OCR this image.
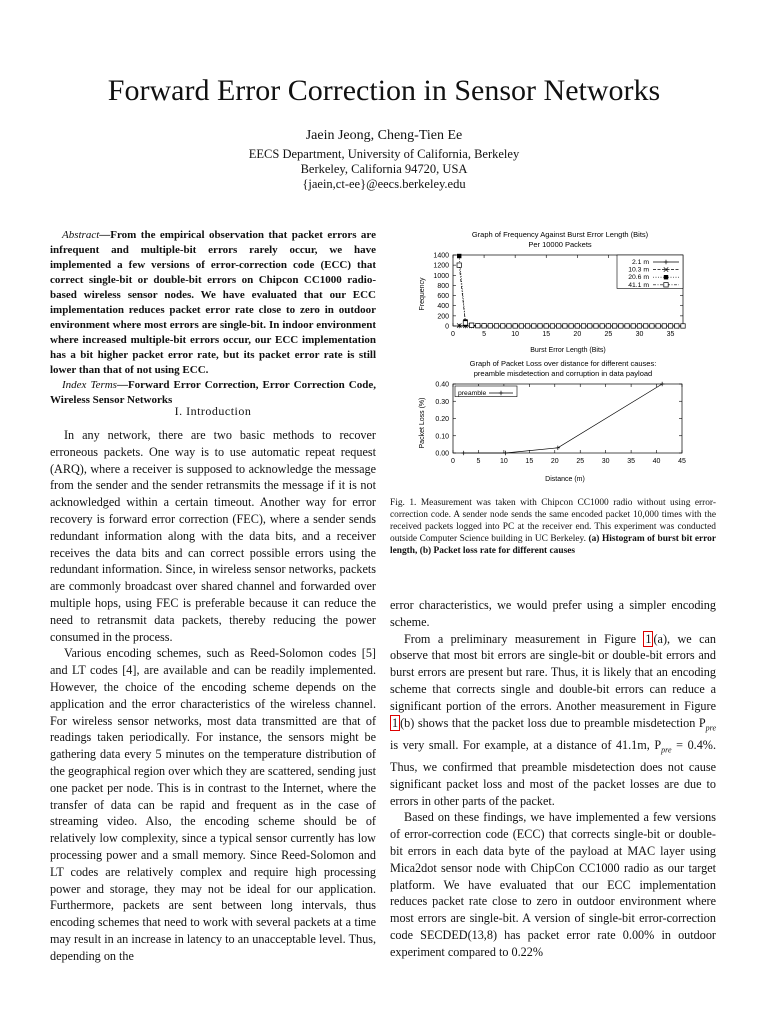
Forward Error Correction in Sensor Networks
Jaein Jeong, Cheng-Tien Ee
EECS Department, University of California, Berkeley
Berkeley, California 94720, USA
{jaein,ct-ee}@eecs.berkeley.edu

Abstract—From the empirical observation that packet errors are infrequent and multiple-bit errors rarely occur, we have implemented a few versions of error-correction code (ECC) that correct single-bit or double-bit errors on Chipcon CC1000 radio-based wireless sensor nodes. We have evaluated that our ECC implementation reduces packet error rate close to zero in outdoor environment where most errors are single-bit. In indoor environment where increased multiple-bit errors occur, our ECC implementation has a bit higher packet error rate, but its packet error rate is still lower than that of not using ECC.

Index Terms—Forward Error Correction, Error Correction Code, Wireless Sensor Networks

I. Introduction

In any network, there are two basic methods to recover erroneous packets. One way is to use automatic repeat request (ARQ), where a receiver is supposed to acknowledge the message from the sender and the sender retransmits the message if it is not acknowledged within a certain timeout. Another way for error recovery is forward error correction (FEC), where a sender sends redundant information along with the data bits, and a receiver receives the data bits and can correct possible errors using the redundant information. Since, in wireless sensor networks, packets are commonly broadcast over shared channel and forwarded over multiple hops, using FEC is preferable because it can reduce the need to retransmit data packets, thereby reducing the power consumed in the process.

Various encoding schemes, such as Reed-Solomon codes [5] and LT codes [4], are available and can be readily implemented. However, the choice of the encoding scheme depends on the application and the error characteristics of the wireless channel. For wireless sensor networks, most data transmitted are that of readings taken periodically. For instance, the sensors might be gathering data every 5 minutes on the temperature distribution of the geographical region over which they are scattered, sending just one packet per node. This is in contrast to the Internet, where the transfer of data can be rapid and frequent as in the case of streaming video. Also, the encoding scheme should be of relatively low complexity, since a typical sensor currently has low processing power and a small memory. Since Reed-Solomon and LT codes are relatively complex and require high processing power and storage, they may not be ideal for our application. Furthermore, packets are sent between long intervals, thus encoding schemes that need to work with several packets at a time may result in an increase in latency to an unacceptable level. Thus, depending on the

Graph of Frequency Against Burst Error Length (Bits)
Per 10000 Packets
Frequency
Burst Error Length (Bits)
0	5	10	15	20	25	30	35
0
200
400
600
800
1000
1200
1400
2.1 m
10.3 m
20.6 m
41.1 m
Graph of Packet Loss over distance for different causes:
preamble misdetection and corruption in data payload
Packet Loss (%)
Distance (m)
0	5	10	15	20	25	30	35	40	45
0.00
0.10
0.20
0.30
0.40
preamble
Fig. 1. Measurement was taken with Chipcon CC1000 radio without using error-correction code. A sender node sends the same encoded packet 10,000 times with the received packets logged into PC at the receiver end. This experiment was conducted outside Computer Science building in UC Berkeley. (a) Histogram of burst bit error length, (b) Packet loss rate for different causes

error characteristics, we would prefer using a simpler encoding scheme.

From a preliminary measurement in Figure 1 (a), we can observe that most bit errors are single-bit or double-bit errors and burst errors are present but rare. Thus, it is likely that an encoding scheme that corrects single and double-bit errors can reduce a significant portion of the errors. Another measurement in Figure 1 (b) shows that the packet loss due to preamble misdetection $P_{pre}$ is very small. For example, at a distance of 41.1m, $P_{pre} = 0.4\%$. Thus, we confirmed that preamble misdetection does not cause significant packet loss and most of the packet losses are due to errors in other parts of the packet.

Based on these findings, we have implemented a few versions of error-correction code (ECC) that corrects single-bit or double-bit errors in each data byte of the payload at MAC layer using Mica2dot sensor node with ChipCon CC1000 radio as our target platform. We have evaluated that our ECC implementation reduces packet rate close to zero in outdoor environment where most errors are single-bit. A version of single-bit error-correction code SECDED(13,8) has packet error rate 0.00% in outdoor experiment compared to 0.22%
